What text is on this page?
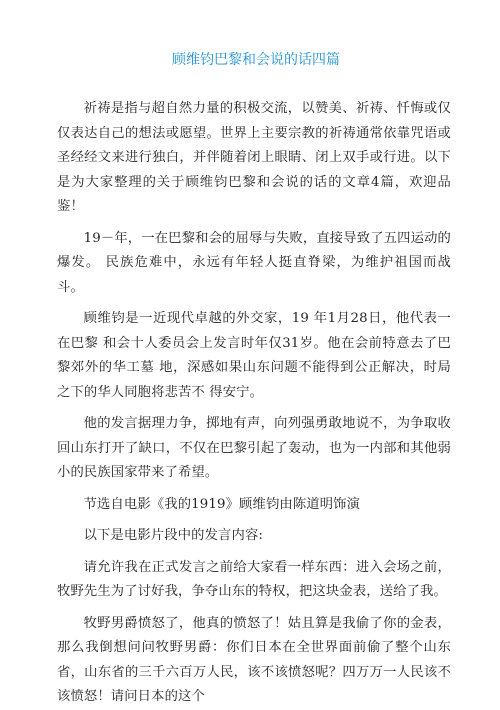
顾维钧巴黎和会说的话四篇

祈祷是指与超自然力量的积极交流，以赞美、祈祷、忏悔或仅仅表达自己的想法或愿望。世界上主要宗教的祈祷通常依靠咒语或圣经经文来进行独白，并伴随着闭上眼睛、闭上双手或行进。以下是为大家整理的关于顾维钧巴黎和会说的话的文章4篇，欢迎品鉴！

19－年，一在巴黎和会的屈辱与失败，直接导致了五四运动的爆发。 民族危难中，永远有年轻人挺直脊梁，为维护祖国而战斗。

顾维钧是一近现代卓越的外交家，19 年1月28日，他代表一在巴黎 和会十人委员会上发言时年仅31岁。他在会前特意去了巴黎郊外的华工墓 地，深感如果山东问题不能得到公正解决，时局之下的华人同胞将悲苦不 得安宁。

他的发言据理力争，掷地有声，向列强勇敢地说不，为争取收回山东打开了缺口，不仅在巴黎引起了轰动，也为一内部和其他弱小的民族国家带来了希望。

节选自电影《我的1919》顾维钧由陈道明饰演

以下是电影片段中的发言内容:

请允许我在正式发言之前给大家看一样东西：进入会场之前，牧野先生为了讨好我，争夺山东的特权，把这块金表，送给了我。

牧野男爵愤怒了，他真的愤怒了！姑且算是我偷了你的金表，那么我倒想问问牧野男爵：你们日本在全世界面前偷了整个山东省，山东省的三千六百万人民，该不该愤怒呢？四万万一人民该不该愤怒！请问日本的这个
